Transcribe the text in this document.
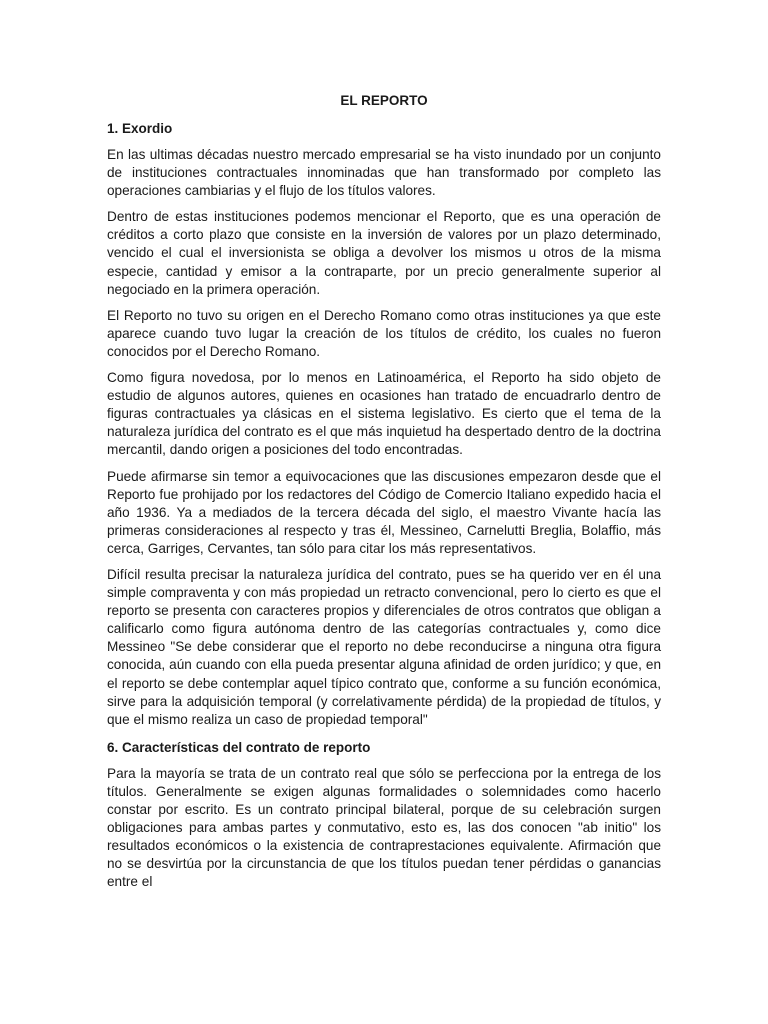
EL REPORTO
1. Exordio

En las ultimas décadas nuestro mercado empresarial se ha visto inundado por un conjunto de instituciones contractuales innominadas que han transformado por completo las operaciones cambiarias y el flujo de los títulos valores.

Dentro de estas instituciones podemos mencionar el Reporto, que es una operación de créditos a corto plazo que consiste en la inversión de valores por un plazo determinado, vencido el cual el inversionista se obliga a devolver los mismos u otros de la misma especie, cantidad y emisor a la contraparte, por un precio generalmente superior al negociado en la primera operación.

El Reporto no tuvo su origen en el Derecho Romano como otras instituciones ya que este aparece cuando tuvo lugar la creación de los títulos de crédito, los cuales no fueron conocidos por el Derecho Romano.

Como figura novedosa, por lo menos en Latinoamérica, el Reporto ha sido objeto de estudio de algunos autores, quienes en ocasiones han tratado de encuadrarlo dentro de figuras contractuales ya clásicas en el sistema legislativo. Es cierto que el tema de la naturaleza jurídica del contrato es el que más inquietud ha despertado dentro de la doctrina mercantil, dando origen a posiciones del todo encontradas.

Puede afirmarse sin temor a equivocaciones que las discusiones empezaron desde que el Reporto fue prohijado por los redactores del Código de Comercio Italiano expedido hacia el año 1936. Ya a mediados de la tercera década del siglo, el maestro Vivante hacía las primeras consideraciones al respecto y tras él, Messineo, Carnelutti Breglia, Bolaffio, más cerca, Garriges, Cervantes, tan sólo para citar los más representativos.

Difícil resulta precisar la naturaleza jurídica del contrato, pues se ha querido ver en él una simple compraventa y con más propiedad un retracto convencional, pero lo cierto es que el reporto se presenta con caracteres propios y diferenciales de otros contratos que obligan a calificarlo como figura autónoma dentro de las categorías contractuales y, como dice Messineo "Se debe considerar que el reporto no debe reconducirse a ninguna otra figura conocida, aún cuando con ella pueda presentar alguna afinidad de orden jurídico; y que, en el reporto se debe contemplar aquel típico contrato que, conforme a su función económica, sirve para la adquisición temporal (y correlativamente pérdida) de la propiedad de títulos, y que el mismo realiza un caso de propiedad temporal"

6. Características del contrato de reporto

Para la mayoría se trata de un contrato real que sólo se perfecciona por la entrega de los títulos. Generalmente se exigen algunas formalidades o solemnidades como hacerlo constar por escrito. Es un contrato principal bilateral, porque de su celebración surgen obligaciones para ambas partes y conmutativo, esto es, las dos conocen "ab initio" los resultados económicos o la existencia de contraprestaciones equivalente. Afirmación que no se desvirtúa por la circunstancia de que los títulos puedan tener pérdidas o ganancias entre el
